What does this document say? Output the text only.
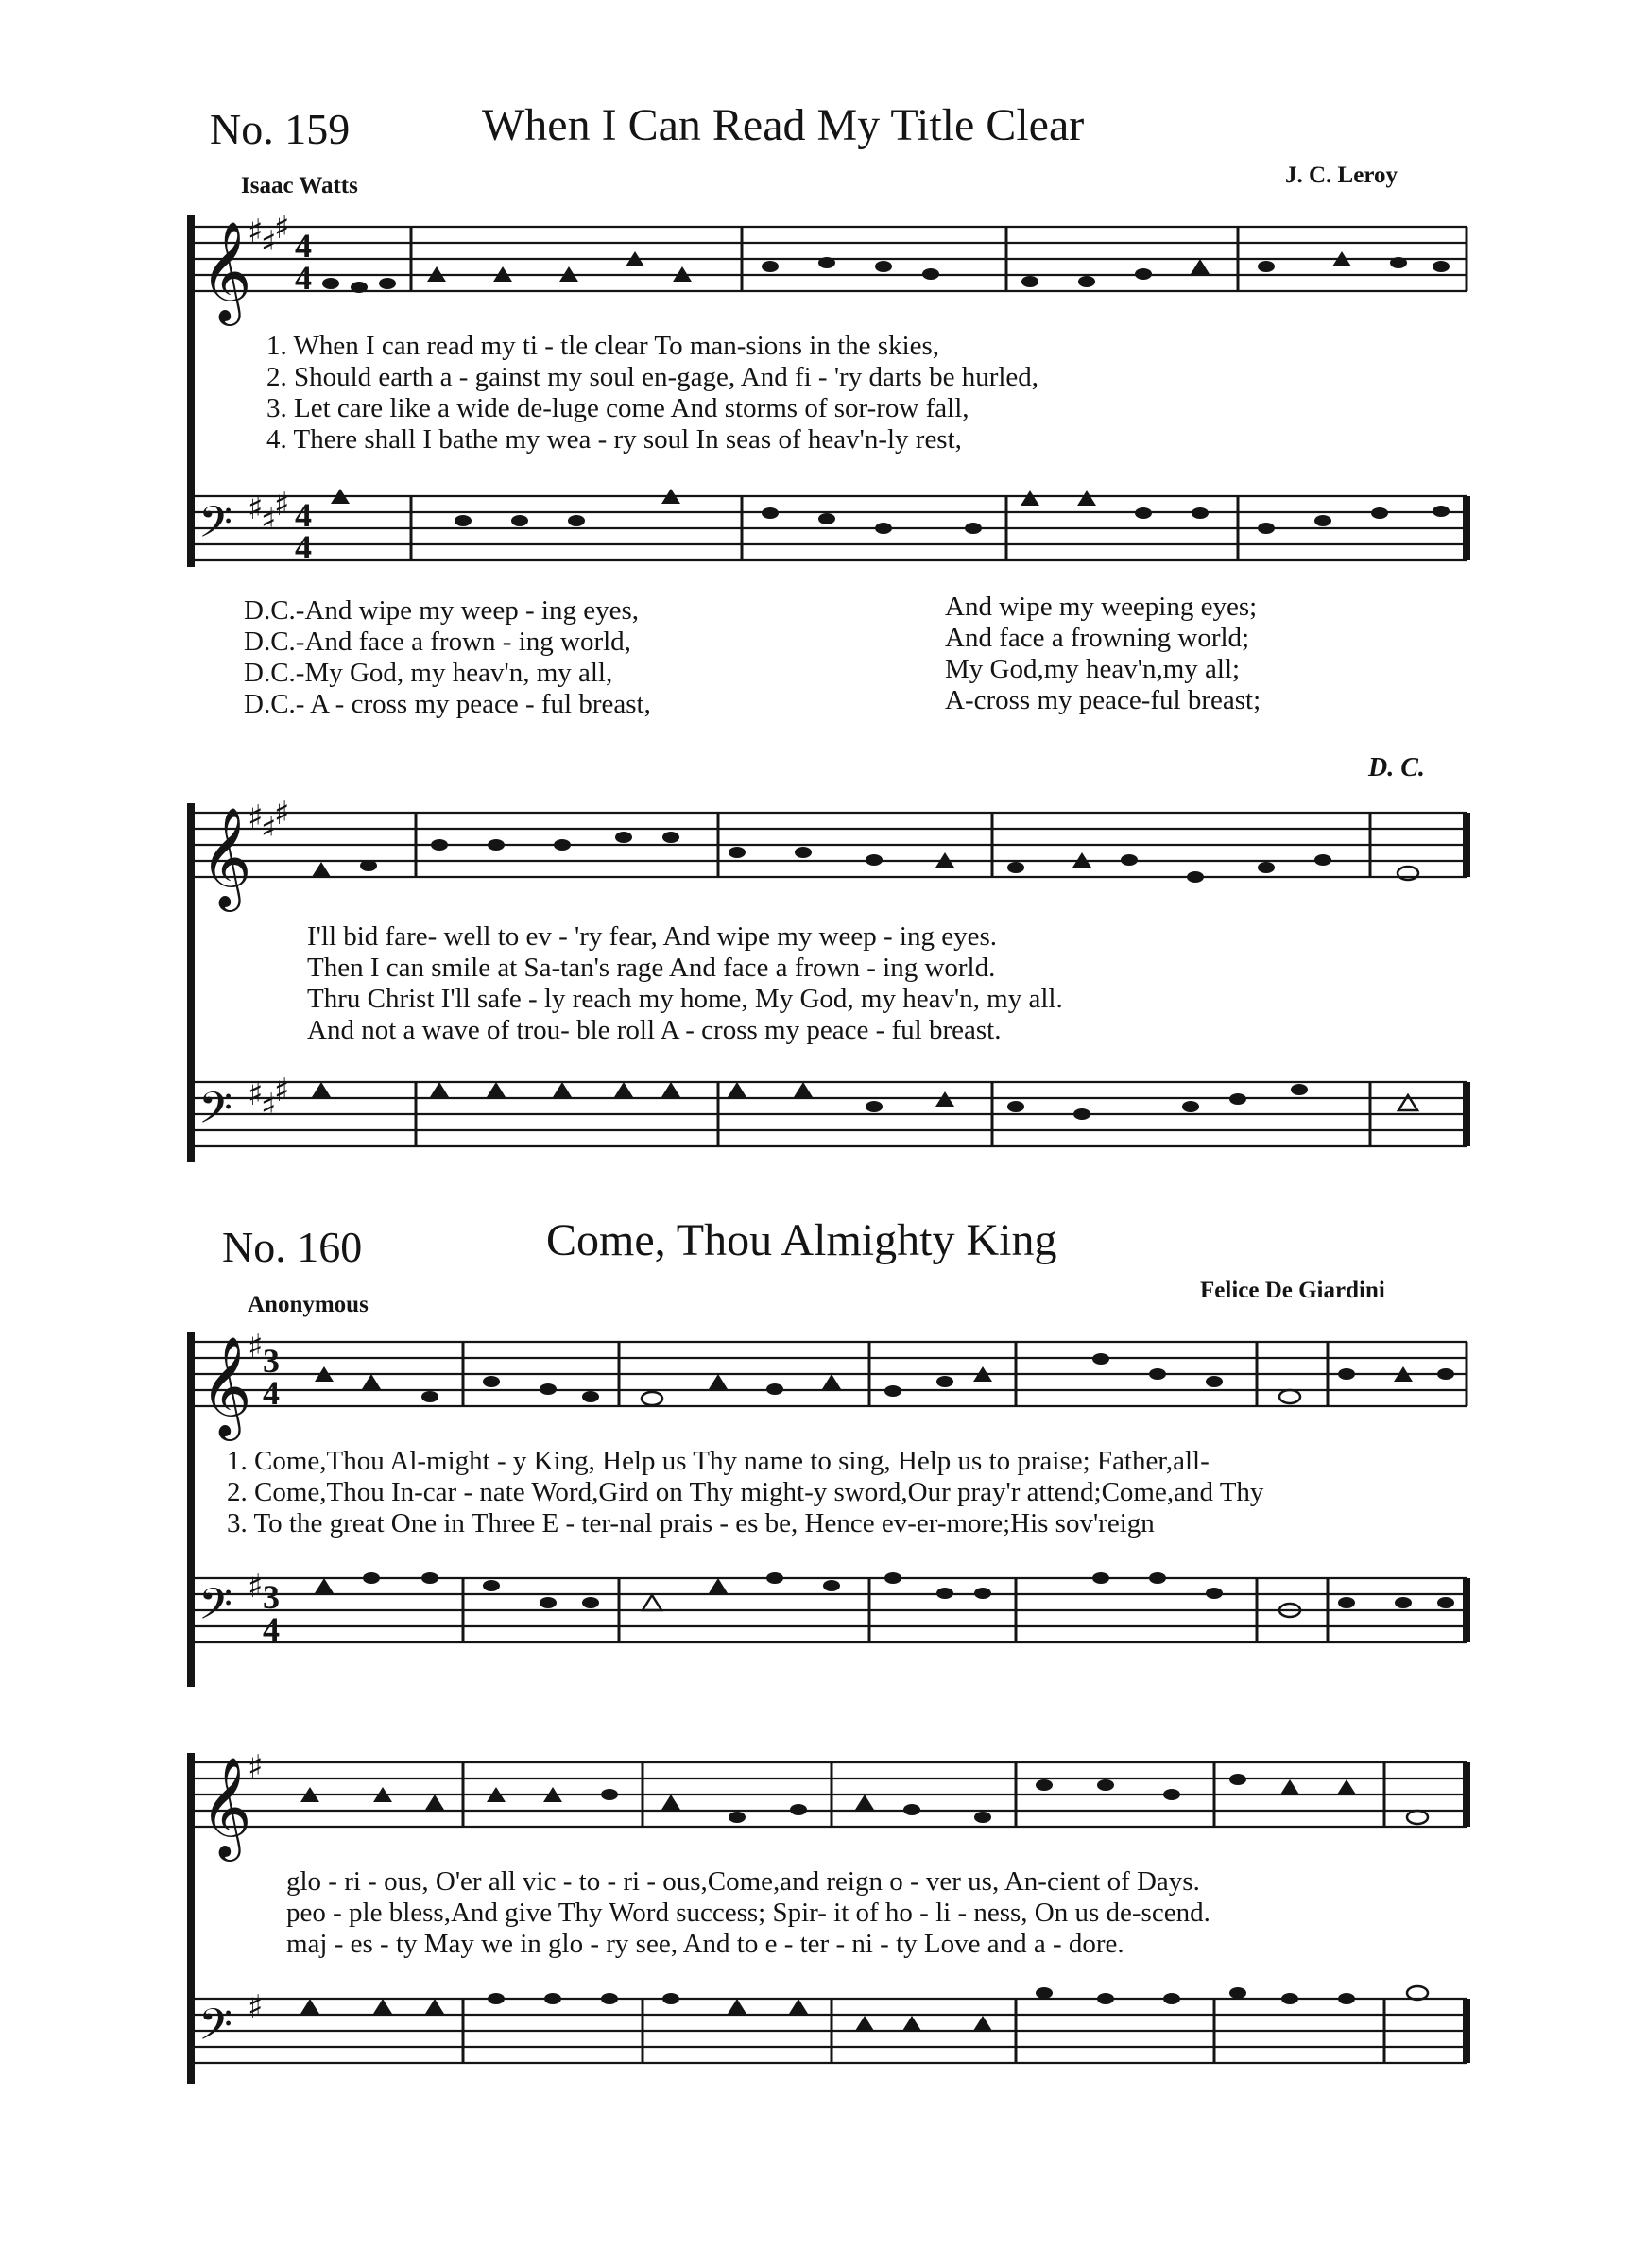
No. 159	When I Can Read My Title Clear
Isaac Watts	J. C. Leroy
𝄞
♯
♯
♯ 4
4
1. When I can read my ti - tle clear To man-sions in the skies,
2. Should earth a - gainst my soul en-gage, And fi - 'ry darts be hurled,
3. Let care like a wide de-luge come And storms of sor-row fall,
4. There shall I bathe my wea - ry soul In seas of heav'n-ly rest,
𝄢 ♯
♯
♯ 4
4
D.C.-And wipe my weep - ing eyes,
D.C.-And face a frown - ing world,
D.C.-My God, my heav'n, my all,
D.C.- A - cross my peace - ful breast,
And wipe my weeping eyes;
And face a frowning world;
My God,my heav'n,my all;
A-cross my peace-ful breast;
D. C.
𝄞
♯
♯
♯
I'll bid fare- well to ev - 'ry fear, And wipe my weep - ing eyes.
Then I can smile at Sa-tan's rage And face a frown - ing world.
Thru Christ I'll safe - ly reach my home, My God, my heav'n, my all.
And not a wave of trou- ble roll A - cross my peace - ful breast.
𝄢 ♯
♯
♯
No. 160	Come, Thou Almighty King
Anonymous
Felice De Giardini
𝄞
♯ 3
4
1. Come,Thou Al-might - y King, Help us Thy name to sing, Help us to praise; Father,all-
2. Come,Thou In-car - nate Word,Gird on Thy might-y sword,Our pray'r attend;Come,and Thy
3. To the great One in Three E - ter-nal prais - es be, Hence ev-er-more;His sov'reign
𝄢 ♯ 3
4
𝄞
♯
glo - ri - ous, O'er all vic - to - ri - ous,Come,and reign o - ver us, An-cient of Days.
peo - ple bless,And give Thy Word success; Spir- it of ho - li - ness, On us de-scend.
maj - es - ty May we in glo - ry see, And to e - ter - ni - ty Love and a - dore.
𝄢 ♯
